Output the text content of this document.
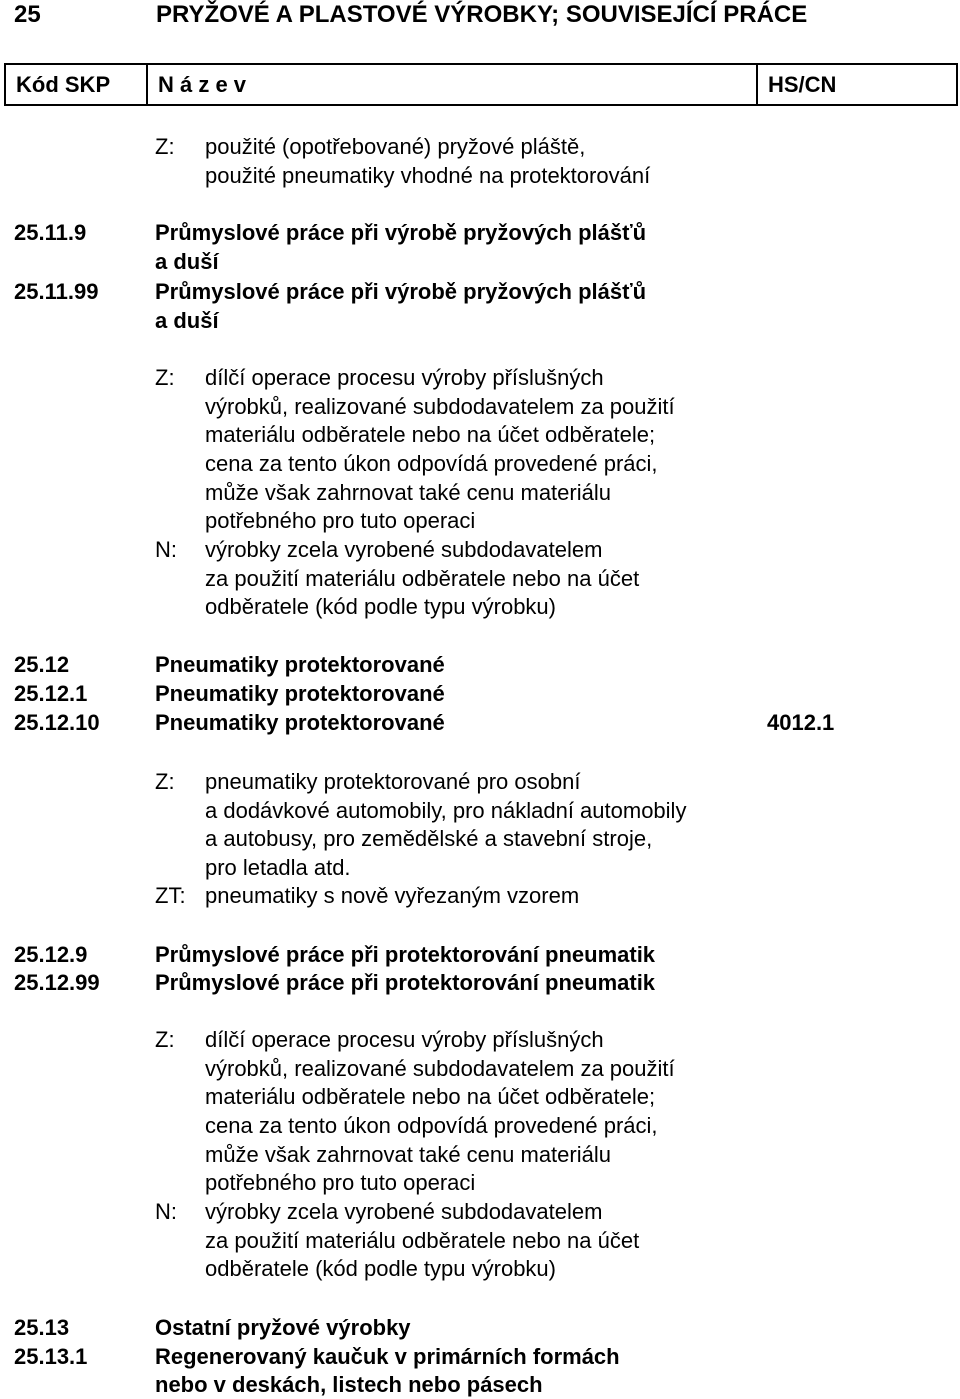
25	PRYŽOVÉ A PLASTOVÉ VÝROBKY; SOUVISEJÍCÍ PRÁCE
Kód SKP	N á z e v	HS/CN
Z: použité (opotřebované) pryžové pláště,
použité pneumatiky vhodné na protektorování
25.11.9	Průmyslové práce při výrobě pryžových plášťů
a duší
25.11.99	Průmyslové práce při výrobě pryžových plášťů
a duší
Z: dílčí operace procesu výroby příslušných
výrobků, realizované subdodavatelem za použití
materiálu odběratele nebo na účet odběratele;
cena za tento úkon odpovídá provedené práci,
může však zahrnovat také cenu materiálu
potřebného pro tuto operaci
N: výrobky zcela vyrobené subdodavatelem
za použití materiálu odběratele nebo na účet
odběratele (kód podle typu výrobku)
25.12	Pneumatiky protektorované
25.12.1	Pneumatiky protektorované
25.12.10	Pneumatiky protektorované	4012.1
Z: pneumatiky protektorované pro osobní
a dodávkové automobily, pro nákladní automobily
a autobusy, pro zemědělské a stavební stroje,
pro letadla atd.
ZT: pneumatiky s nově vyřezaným vzorem
25.12.9	Průmyslové práce při protektorování pneumatik
25.12.99	Průmyslové práce při protektorování pneumatik
Z: dílčí operace procesu výroby příslušných
výrobků, realizované subdodavatelem za použití
materiálu odběratele nebo na účet odběratele;
cena za tento úkon odpovídá provedené práci,
může však zahrnovat také cenu materiálu
potřebného pro tuto operaci
N: výrobky zcela vyrobené subdodavatelem
za použití materiálu odběratele nebo na účet
odběratele (kód podle typu výrobku)
25.13	Ostatní pryžové výrobky
25.13.1	Regenerovaný kaučuk v primárních formách
nebo v deskách, listech nebo pásech
